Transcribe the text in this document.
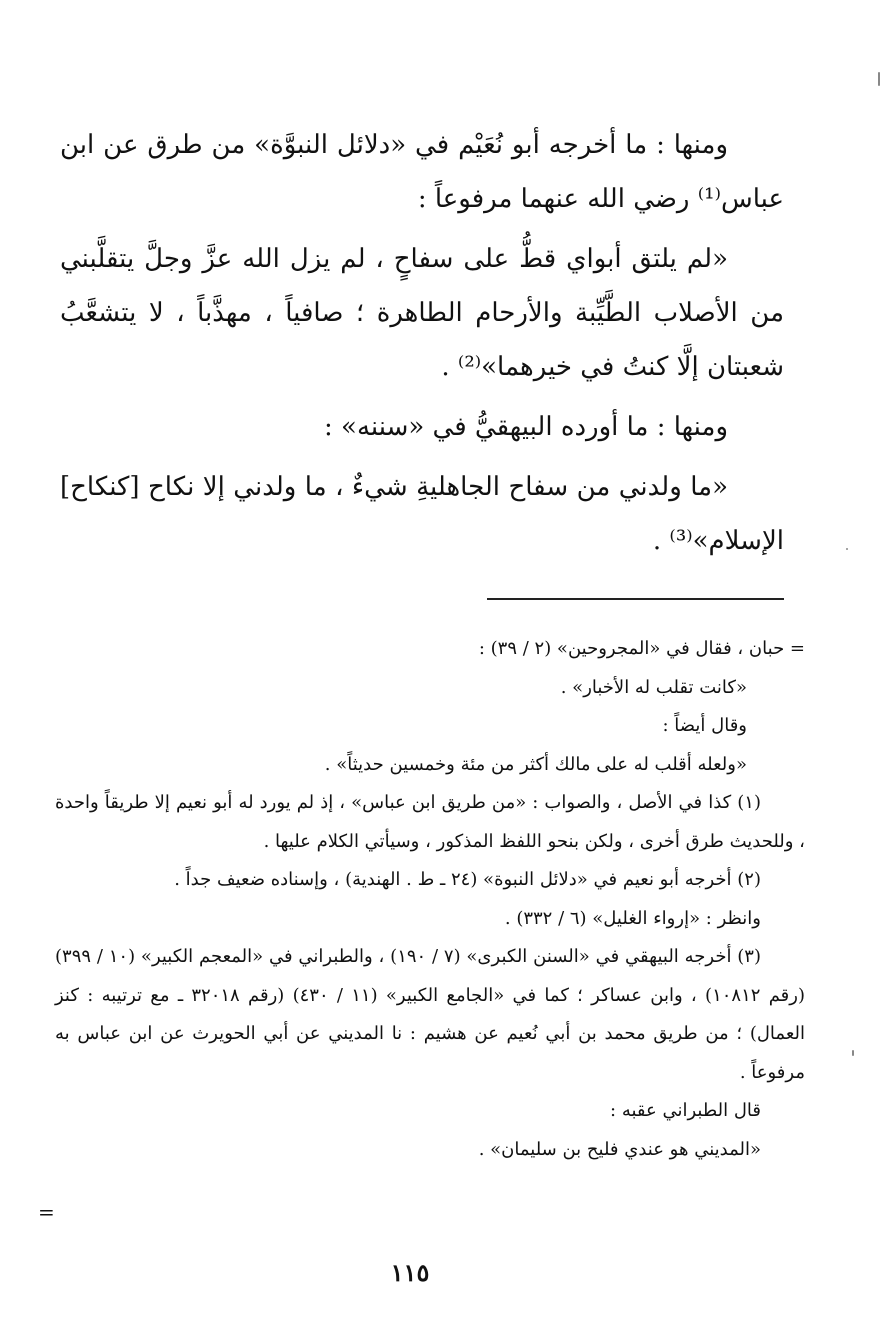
ومنها : ما أخرجه أبو نُعَيْم في «دلائل النبوَّة» من طرق عن ابن عباس⁽¹⁾ رضي الله عنهما مرفوعاً :

«لم يلتق أبواي قطُّ على سفاحٍ ، لم يزل الله عزَّ وجلَّ يتقلَّبني من الأصلاب الطَّيِّبة والأرحام الطاهرة ؛ صافياً ، مهذَّباً ، لا يتشعَّبُ شعبتان إلَّا كنتُ في خيرهما»⁽²⁾ .

ومنها : ما أورده البيهقيُّ في «سننه» :

«ما ولدني من سفاح الجاهليةِ شيءٌ ، ما ولدني إلا نكاح [كنكاح] الإسلام»⁽³⁾ .

= حبان ، فقال في «المجروحين» (٢ / ٣٩) :

«كانت تقلب له الأخبار» .

وقال أيضاً :

«ولعله أقلب له على مالك أكثر من مئة وخمسين حديثاً» .

(١) كذا في الأصل ، والصواب : «من طريق ابن عباس» ، إذ لم يورد له أبو نعيم إلا طريقاً واحدة ، وللحديث طرق أخرى ، ولكن بنحو اللفظ المذكور ، وسيأتي الكلام عليها .

(٢) أخرجه أبو نعيم في «دلائل النبوة» (٢٤ ـ ط . الهندية) ، وإسناده ضعيف جداً .

وانظر : «إرواء الغليل» (٦ / ٣٣٢) .

(٣) أخرجه البيهقي في «السنن الكبرى» (٧ / ١٩٠) ، والطبراني في «المعجم الكبير» (١٠ / ٣٩٩) (رقم ١٠٨١٢) ، وابن عساكر ؛ كما في «الجامع الكبير» (١١ / ٤٣٠) (رقم ٣٢٠١٨ ـ مع ترتيبه : كنز العمال) ؛ من طريق محمد بن أبي نُعيم عن هشيم : نا المديني عن أبي الحويرث عن ابن عباس به مرفوعاً .

قال الطبراني عقبه :

«المديني هو عندي فليح بن سليمان» .

=
١١٥
